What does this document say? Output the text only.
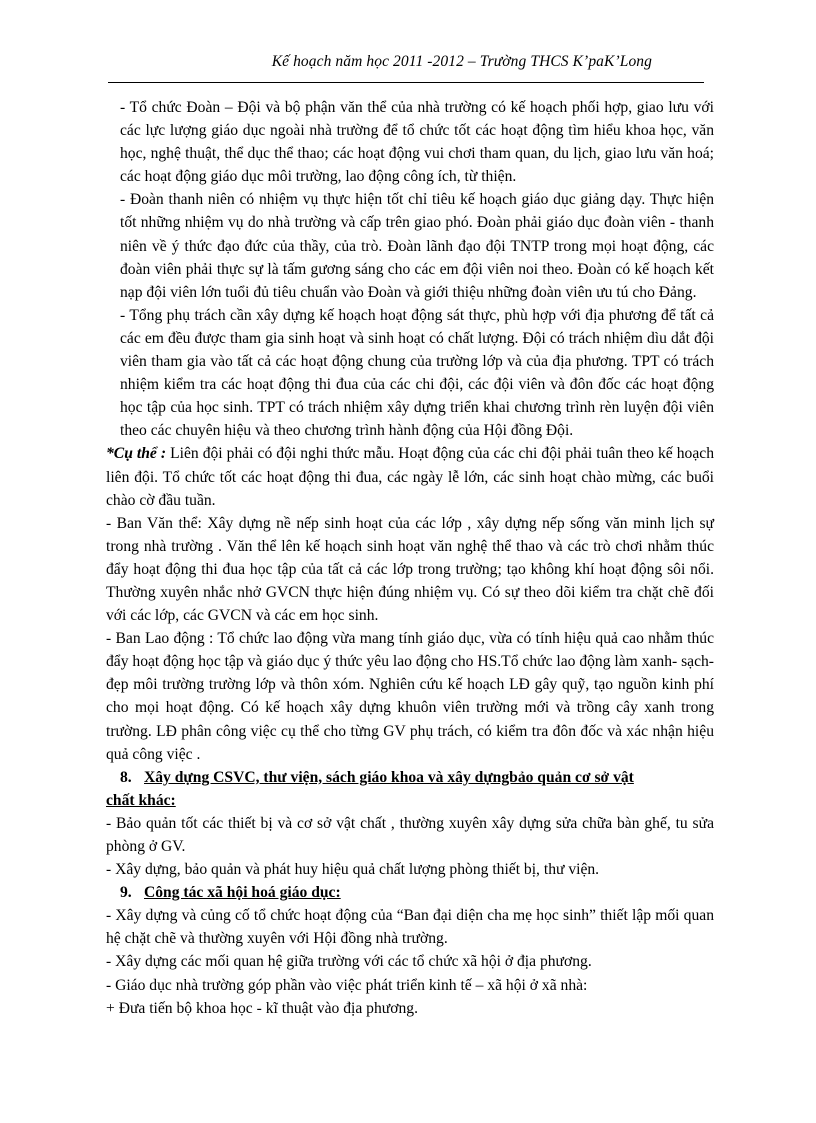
Kế hoạch năm học 2011 -2012 – Trường THCS K’paK’Long

- Tổ chức Đoàn – Đội và bộ phận văn thể của nhà trường có kế hoạch phối hợp, giao lưu với các lực lượng giáo dục ngoài nhà trường để tổ chức tốt các hoạt động tìm hiểu khoa học, văn học, nghệ thuật, thể dục thể thao; các hoạt động vui chơi tham quan, du lịch, giao lưu văn hoá; các hoạt động giáo dục môi trường, lao động công ích, từ thiện.

- Đoàn thanh niên có nhiệm vụ thực hiện tốt chỉ tiêu kế hoạch giáo dục giảng dạy. Thực hiện tốt những nhiệm vụ do nhà trường và cấp trên giao phó. Đoàn phải giáo dục đoàn viên - thanh niên về ý thức đạo đức của thầy, của trò. Đoàn lãnh đạo đội TNTP trong mọi hoạt động, các đoàn viên phải thực sự là tấm gương sáng cho các em đội viên noi theo. Đoàn có kế hoạch kết nạp đội viên lớn tuổi đủ tiêu chuẩn vào Đoàn và giới thiệu những đoàn viên ưu tú cho Đảng.

- Tổng phụ trách cần xây dựng kế hoạch hoạt động sát thực, phù hợp với địa phương để tất cả các em đều được tham gia sinh hoạt và sinh hoạt có chất lượng. Đội có trách nhiệm dìu dắt đội viên tham gia vào tất cả các hoạt động chung của trường lớp và của địa phương. TPT có trách nhiệm kiểm tra các hoạt động thi đua của các chi đội, các đội viên và đôn đốc các hoạt động học tập của học sinh. TPT có trách nhiệm xây dựng triển khai chương trình rèn luyện đội viên theo các chuyên hiệu và theo chương trình hành động của Hội đồng Đội.

*Cụ thể : Liên đội phải có đội nghi thức mẫu. Hoạt động của các chi đội phải tuân theo kế hoạch liên đội. Tổ chức tốt các hoạt động thi đua, các ngày lễ lớn, các sinh hoạt chào mừng, các buổi chào cờ đầu tuần.

- Ban Văn thể: Xây dựng nề nếp sinh hoạt của các lớp , xây dựng nếp sống văn minh lịch sự trong nhà trường . Văn thể lên kế hoạch sinh hoạt văn nghệ thể thao và các trò chơi nhằm thúc đẩy hoạt động thi đua học tập của tất cả các lớp trong trường; tạo không khí hoạt động sôi nổi. Thường xuyên nhắc nhở GVCN thực hiện đúng nhiệm vụ. Có sự theo dõi kiểm tra chặt chẽ đối với các lớp, các GVCN và các em học sinh.

- Ban Lao động : Tổ chức lao động vừa mang tính giáo dục, vừa có tính hiệu quả cao nhằm thúc đẩy hoạt động học tập và giáo dục ý thức yêu lao động cho HS.Tổ chức lao động làm xanh- sạch- đẹp môi trường trường lớp và thôn xóm. Nghiên cứu kế hoạch LĐ gây quỹ, tạo nguồn kinh phí cho mọi hoạt động. Có kế hoạch xây dựng khuôn viên trường mới và trồng cây xanh trong trường. LĐ phân công việc cụ thể cho từng GV phụ trách, có kiểm tra đôn đốc và xác nhận hiệu quả công việc .

8. Xây dựng CSVC, thư viện, sách giáo khoa và xây dựngbảo quản cơ sở vật

chất khác:

- Bảo quản tốt các thiết bị và cơ sở vật chất , thường xuyên xây dựng sửa chữa bàn ghế, tu sửa phòng ở GV.

- Xây dựng, bảo quản và phát huy hiệu quả chất lượng phòng thiết bị, thư viện.

9. Công tác xã hội hoá giáo dục:

- Xây dựng và củng cố tổ chức hoạt động của “Ban đại diện cha mẹ học sinh” thiết lập mối quan hệ chặt chẽ và thường xuyên với Hội đồng nhà trường.

- Xây dựng các mối quan hệ giữa trường với các tổ chức xã hội ở địa phương.

- Giáo dục nhà trường góp phần vào việc phát triển kinh tế – xã hội ở xã nhà:

+ Đưa tiến bộ khoa học - kĩ thuật vào địa phương.
